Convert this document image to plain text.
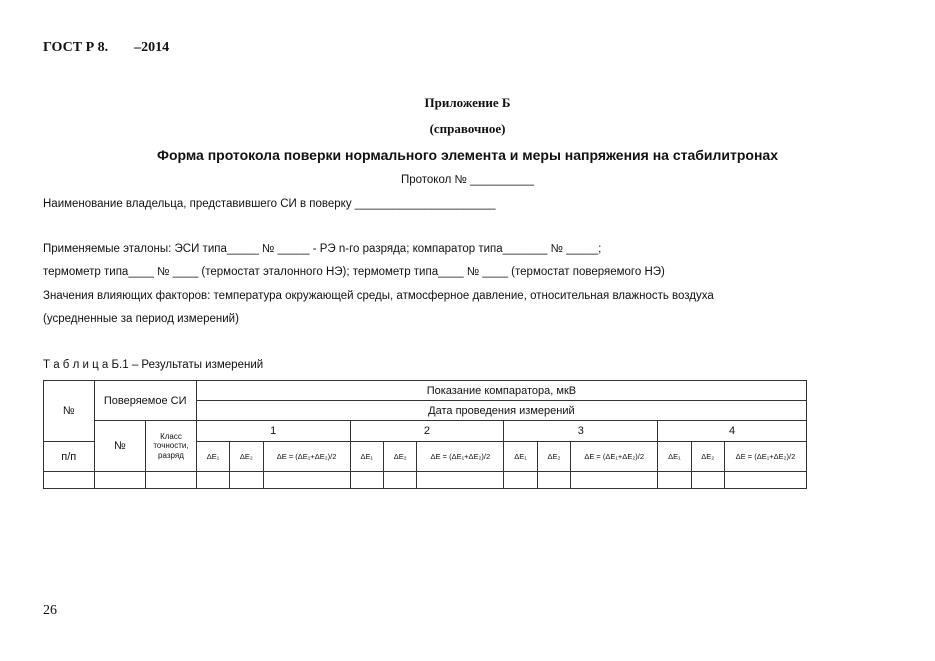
ГОСТ Р 8. –2014
Приложение Б
(справочное)
Форма протокола поверки нормального элемента и меры напряжения на стабилитронах
Протокол № __________
Наименование владельца, представившего СИ в поверку ______________________
Применяемые эталоны: ЭСИ типа_____ № _____ - РЭ n-го разряда; компаратор типа_______ № _____;
термометр типа____ № ____ (термостат эталонного НЭ); термометр типа____ № ____ (термостат поверяемого НЭ)
Значения влияющих факторов: температура окружающей среды, атмосферное давление, относительная влажность воздуха
(усредненные за период измерений)
Т а б л и ц а Б.1 – Результаты измерений
№	Поверяемое СИ		Показание компаратора, мкВ											
			Дата проведения измерений											
	№	Класс точности, разряд	1			2			3			4		
п/п			ΔE₁	ΔE₂	ΔE = (ΔE₁+ΔE₂)/2	ΔE₁	ΔE₂	ΔE = (ΔE₁+ΔE₂)/2	ΔE₁	ΔE₂	ΔE = (ΔE₁+ΔE₂)/2	ΔE₁	ΔE₂	ΔE = (ΔE₁+ΔE₂)/2

26
